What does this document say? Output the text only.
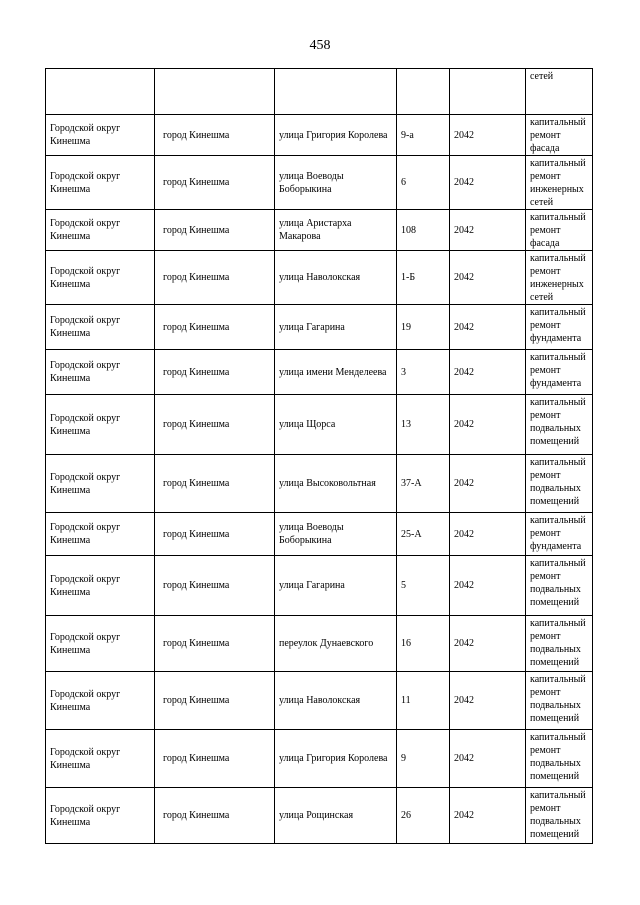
458
					сетей
Городской округ Кинешма	город Кинешма	улица Григория Королева	9-а	2042	капитальный ремонт фасада
Городской округ Кинешма	город Кинешма	улица Воеводы Боборыкина	6	2042	капитальный ремонт инженерных сетей
Городской округ Кинешма	город Кинешма	улица Аристарха Макарова	108	2042	капитальный ремонт фасада
Городской округ Кинешма	город Кинешма	улица Наволокская	1-Б	2042	капитальный ремонт инженерных сетей
Городской округ Кинешма	город Кинешма	улица Гагарина	19	2042	капитальный ремонт фундамента
Городской округ Кинешма	город Кинешма	улица имени Менделеева	3	2042	капитальный ремонт фундамента
Городской округ Кинешма	город Кинешма	улица Щорса	13	2042	капитальный ремонт подвальных помещений
Городской округ Кинешма	город Кинешма	улица Высоковольтная	37-А	2042	капитальный ремонт подвальных помещений
Городской округ Кинешма	город Кинешма	улица Воеводы Боборыкина	25-А	2042	капитальный ремонт фундамента
Городской округ Кинешма	город Кинешма	улица Гагарина	5	2042	капитальный ремонт подвальных помещений
Городской округ Кинешма	город Кинешма	переулок Дунаевского	16	2042	капитальный ремонт подвальных помещений
Городской округ Кинешма	город Кинешма	улица Наволокская	11	2042	капитальный ремонт подвальных помещений
Городской округ Кинешма	город Кинешма	улица Григория Королева	9	2042	капитальный ремонт подвальных помещений
Городской округ Кинешма	город Кинешма	улица Рощинская	26	2042	капитальный ремонт подвальных помещений
